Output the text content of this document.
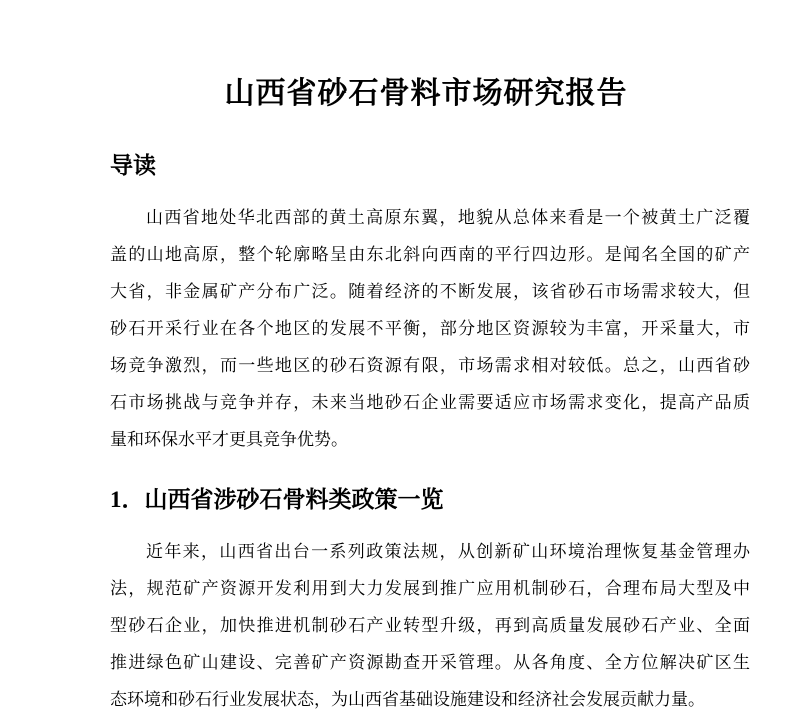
山西省砂石骨料市场研究报告
导读

山西省地处华北西部的黄土高原东翼，地貌从总体来看是一个被黄土广泛覆
盖的山地高原，整个轮廓略呈由东北斜向西南的平行四边形。是闻名全国的矿产
大省，非金属矿产分布广泛。随着经济的不断发展，该省砂石市场需求较大，但
砂石开采行业在各个地区的发展不平衡，部分地区资源较为丰富，开采量大，市
场竞争激烈，而一些地区的砂石资源有限，市场需求相对较低。总之，山西省砂
石市场挑战与竞争并存，未来当地砂石企业需要适应市场需求变化，提高产品质
量和环保水平才更具竞争优势。

1．山西省涉砂石骨料类政策一览

近年来，山西省出台一系列政策法规，从创新矿山环境治理恢复基金管理办
法，规范矿产资源开发利用到大力发展到推广应用机制砂石，合理布局大型及中
型砂石企业，加快推进机制砂石产业转型升级，再到高质量发展砂石产业、全面
推进绿色矿山建设、完善矿产资源勘查开采管理。从各角度、全方位解决矿区生
态环境和砂石行业发展状态，为山西省基础设施建设和经济社会发展贡献力量。
